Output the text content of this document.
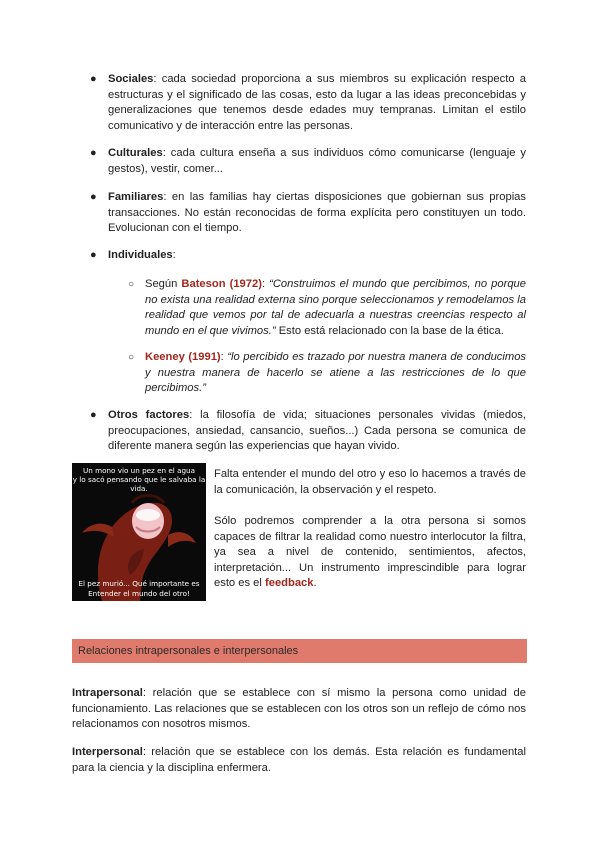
● Sociales: cada sociedad proporciona a sus miembros su explicación respecto a estructuras y el significado de las cosas, esto da lugar a las ideas preconcebidas y generalizaciones que tenemos desde edades muy tempranas. Limitan el estilo comunicativo y de interacción entre las personas.

● Culturales: cada cultura enseña a sus individuos cómo comunicarse (lenguaje y gestos), vestir, comer...

● Familiares: en las familias hay ciertas disposiciones que gobiernan sus propias transacciones. No están reconocidas de forma explícita pero constituyen un todo. Evolucionan con el tiempo.

● Individuales:

○ Según Bateson (1972): “Construimos el mundo que percibimos, no porque no exista una realidad externa sino porque seleccionamos y remodelamos la realidad que vemos por tal de adecuarla a nuestras creencias respecto al mundo en el que vivimos.” Esto está relacionado con la base de la ética.

○ Keeney (1991): “lo percibido es trazado por nuestra manera de conducimos y nuestra manera de hacerlo se atiene a las restricciones de lo que percibimos.”

● Otros factores: la filosofía de vida; situaciones personales vividas (miedos, preocupaciones, ansiedad, cansancio, sueños...) Cada persona se comunica de diferente manera según las experiencias que hayan vivido.

Un mono vio un pez en el agua
y lo sacó pensando que le salvaba la vida.
El pez murió... Qué importante es
Entender el mundo del otro!

Falta entender el mundo del otro y eso lo hacemos a través de la comunicación, la observación y el respeto.

Sólo podremos comprender a la otra persona si somos capaces de filtrar la realidad como nuestro interlocutor la filtra, ya sea a nivel de contenido, sentimientos, afectos, interpretación... Un instrumento imprescindible para lograr esto es el feedback.

Relaciones intrapersonales e interpersonales

Intrapersonal: relación que se establece con sí mismo la persona como unidad de funcionamiento. Las relaciones que se establecen con los otros son un reflejo de cómo nos relacionamos con nosotros mismos.

Interpersonal: relación que se establece con los demás. Esta relación es fundamental para la ciencia y la disciplina enfermera.
